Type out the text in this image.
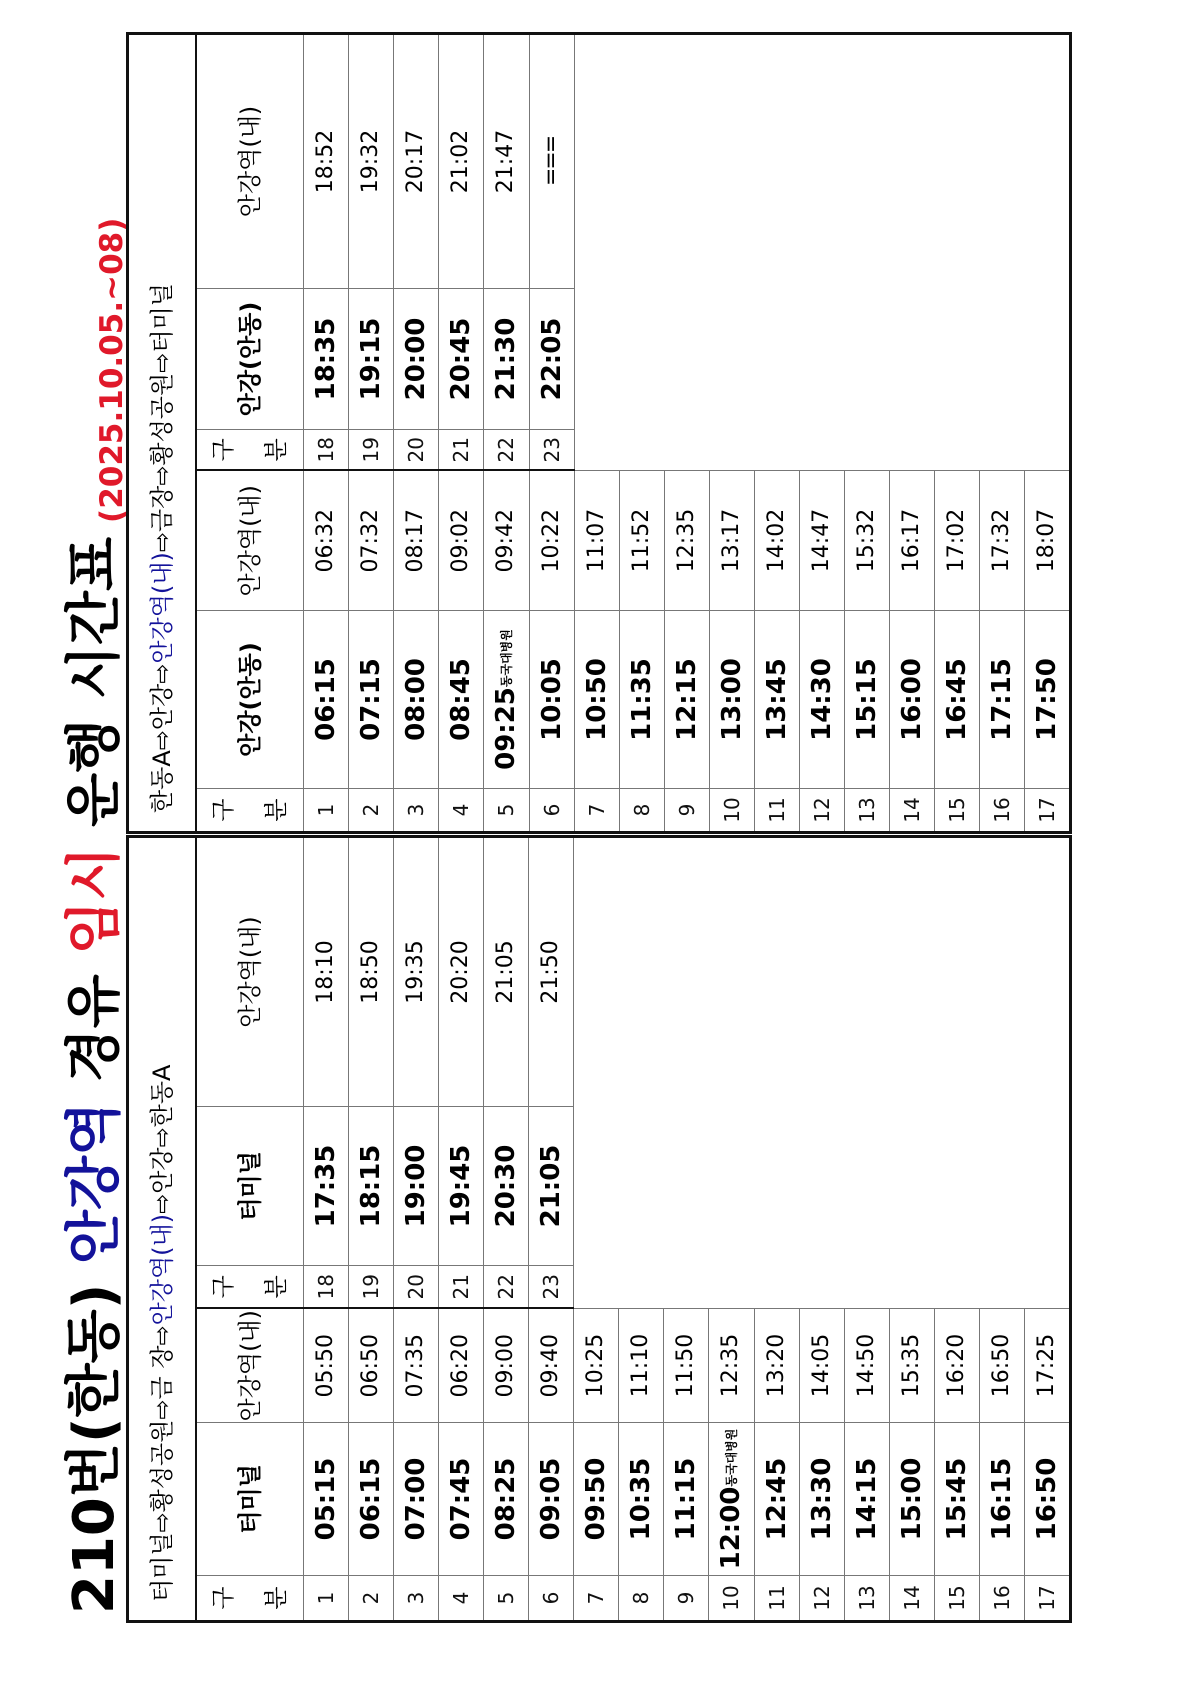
210번(한동) 안강역 경유 임시 운행 시간표(2025.10.05.~08)
터미널⇨황성공원⇨금 장⇨안강역(내)⇨안강⇨한동A					
구분	터미널	안강역(내)	구분	터미널	안강역(내)
1	05:15	05:50	18	17:35	18:10
2	06:15	06:50	19	18:15	18:50
3	07:00	07:35	20	19:00	19:35
4	07:45	06:20	21	19:45	20:20
5	08:25	09:00	22	20:30	21:05
6	09:05	09:40	23	21:05	21:50
7	09:50	10:25			
8	10:35	11:10			
9	11:15	11:50			
10	12:00동국대병원	12:35			
11	12:45	13:20			
12	13:30	14:05			
13	14:15	14:50			
14	15:00	15:35			
15	15:45	16:20			
16	16:15	16:50			
17	16:50	17:25			
한동A⇨안강⇨안강역(내)⇨금장⇨황성공원⇨터미널					
구분	안강(안동)	안강역(내)	구분	안강(안동)	안강역(내)
1	06:15	06:32	18	18:35	18:52
2	07:15	07:32	19	19:15	19:32
3	08:00	08:17	20	20:00	20:17
4	08:45	09:02	21	20:45	21:02
5	09:25동국대병원	09:42	22	21:30	21:47
6	10:05	10:22	23	22:05	===
7	10:50	11:07			
8	11:35	11:52			
9	12:15	12:35			
10	13:00	13:17			
11	13:45	14:02			
12	14:30	14:47			
13	15:15	15:32			
14	16:00	16:17			
15	16:45	17:02			
16	17:15	17:32			
17	17:50	18:07			
